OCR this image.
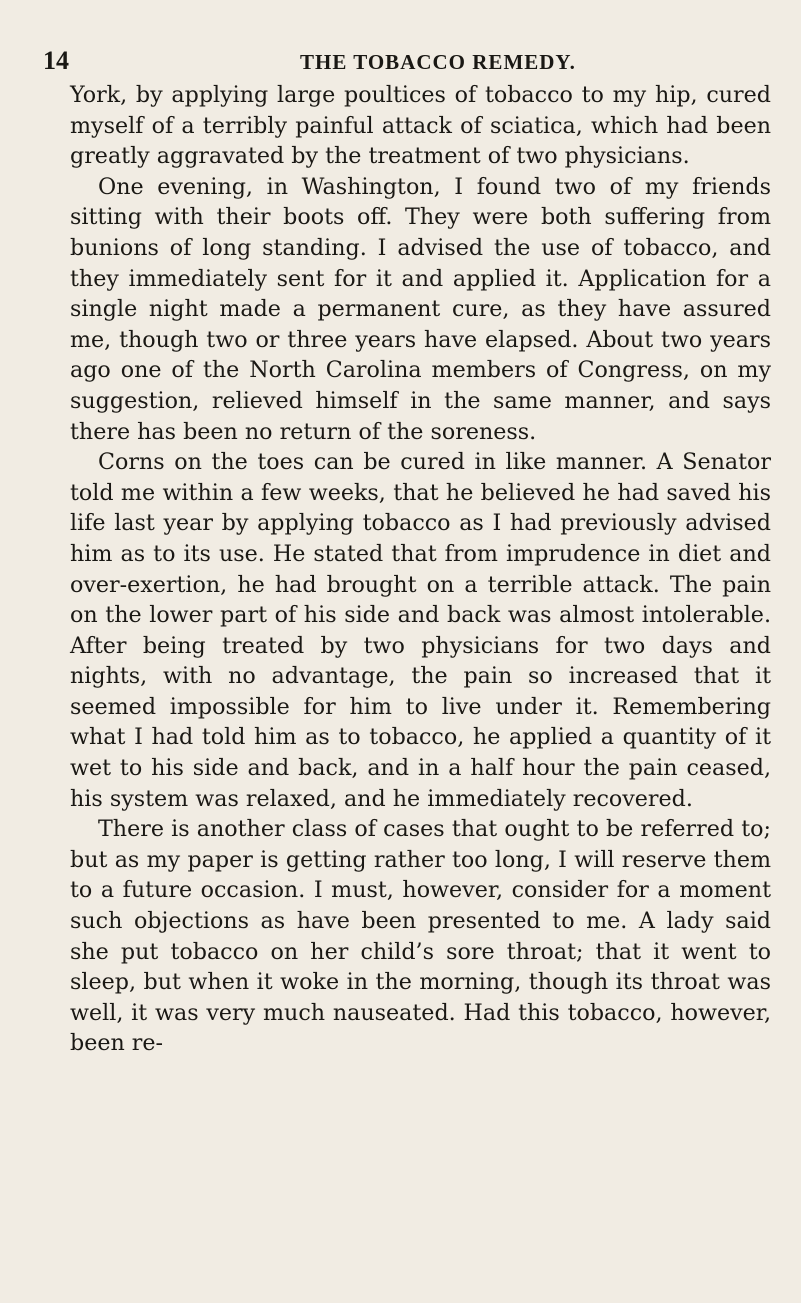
14	THE TOBACCO REMEDY.

York, by applying large poultices of tobacco to my hip, cured myself of a terribly painful attack of sciatica, which had been greatly aggravated by the treatment of two physicians.

One evening, in Washington, I found two of my friends sitting with their boots off. They were both suffering from bunions of long standing. I advised the use of tobacco, and they immediately sent for it and applied it. Application for a single night made a permanent cure, as they have assured me, though two or three years have elapsed. About two years ago one of the North Carolina members of Congress, on my suggestion, relieved himself in the same manner, and says there has been no return of the soreness.

Corns on the toes can be cured in like manner. A Senator told me within a few weeks, that he believed he had saved his life last year by applying tobacco as I had previously advised him as to its use. He stated that from imprudence in diet and over-exertion, he had brought on a terrible attack. The pain on the lower part of his side and back was almost intolerable. After being treated by two physicians for two days and nights, with no advantage, the pain so increased that it seemed impossible for him to live under it. Remembering what I had told him as to tobacco, he applied a quantity of it wet to his side and back, and in a half hour the pain ceased, his system was relaxed, and he immediately recovered.

There is another class of cases that ought to be referred to; but as my paper is getting rather too long, I will reserve them to a future occasion. I must, however, consider for a moment such objections as have been presented to me. A lady said she put tobacco on her child’s sore throat; that it went to sleep, but when it woke in the morning, though its throat was well, it was very much nauseated. Had this tobacco, however, been re-
